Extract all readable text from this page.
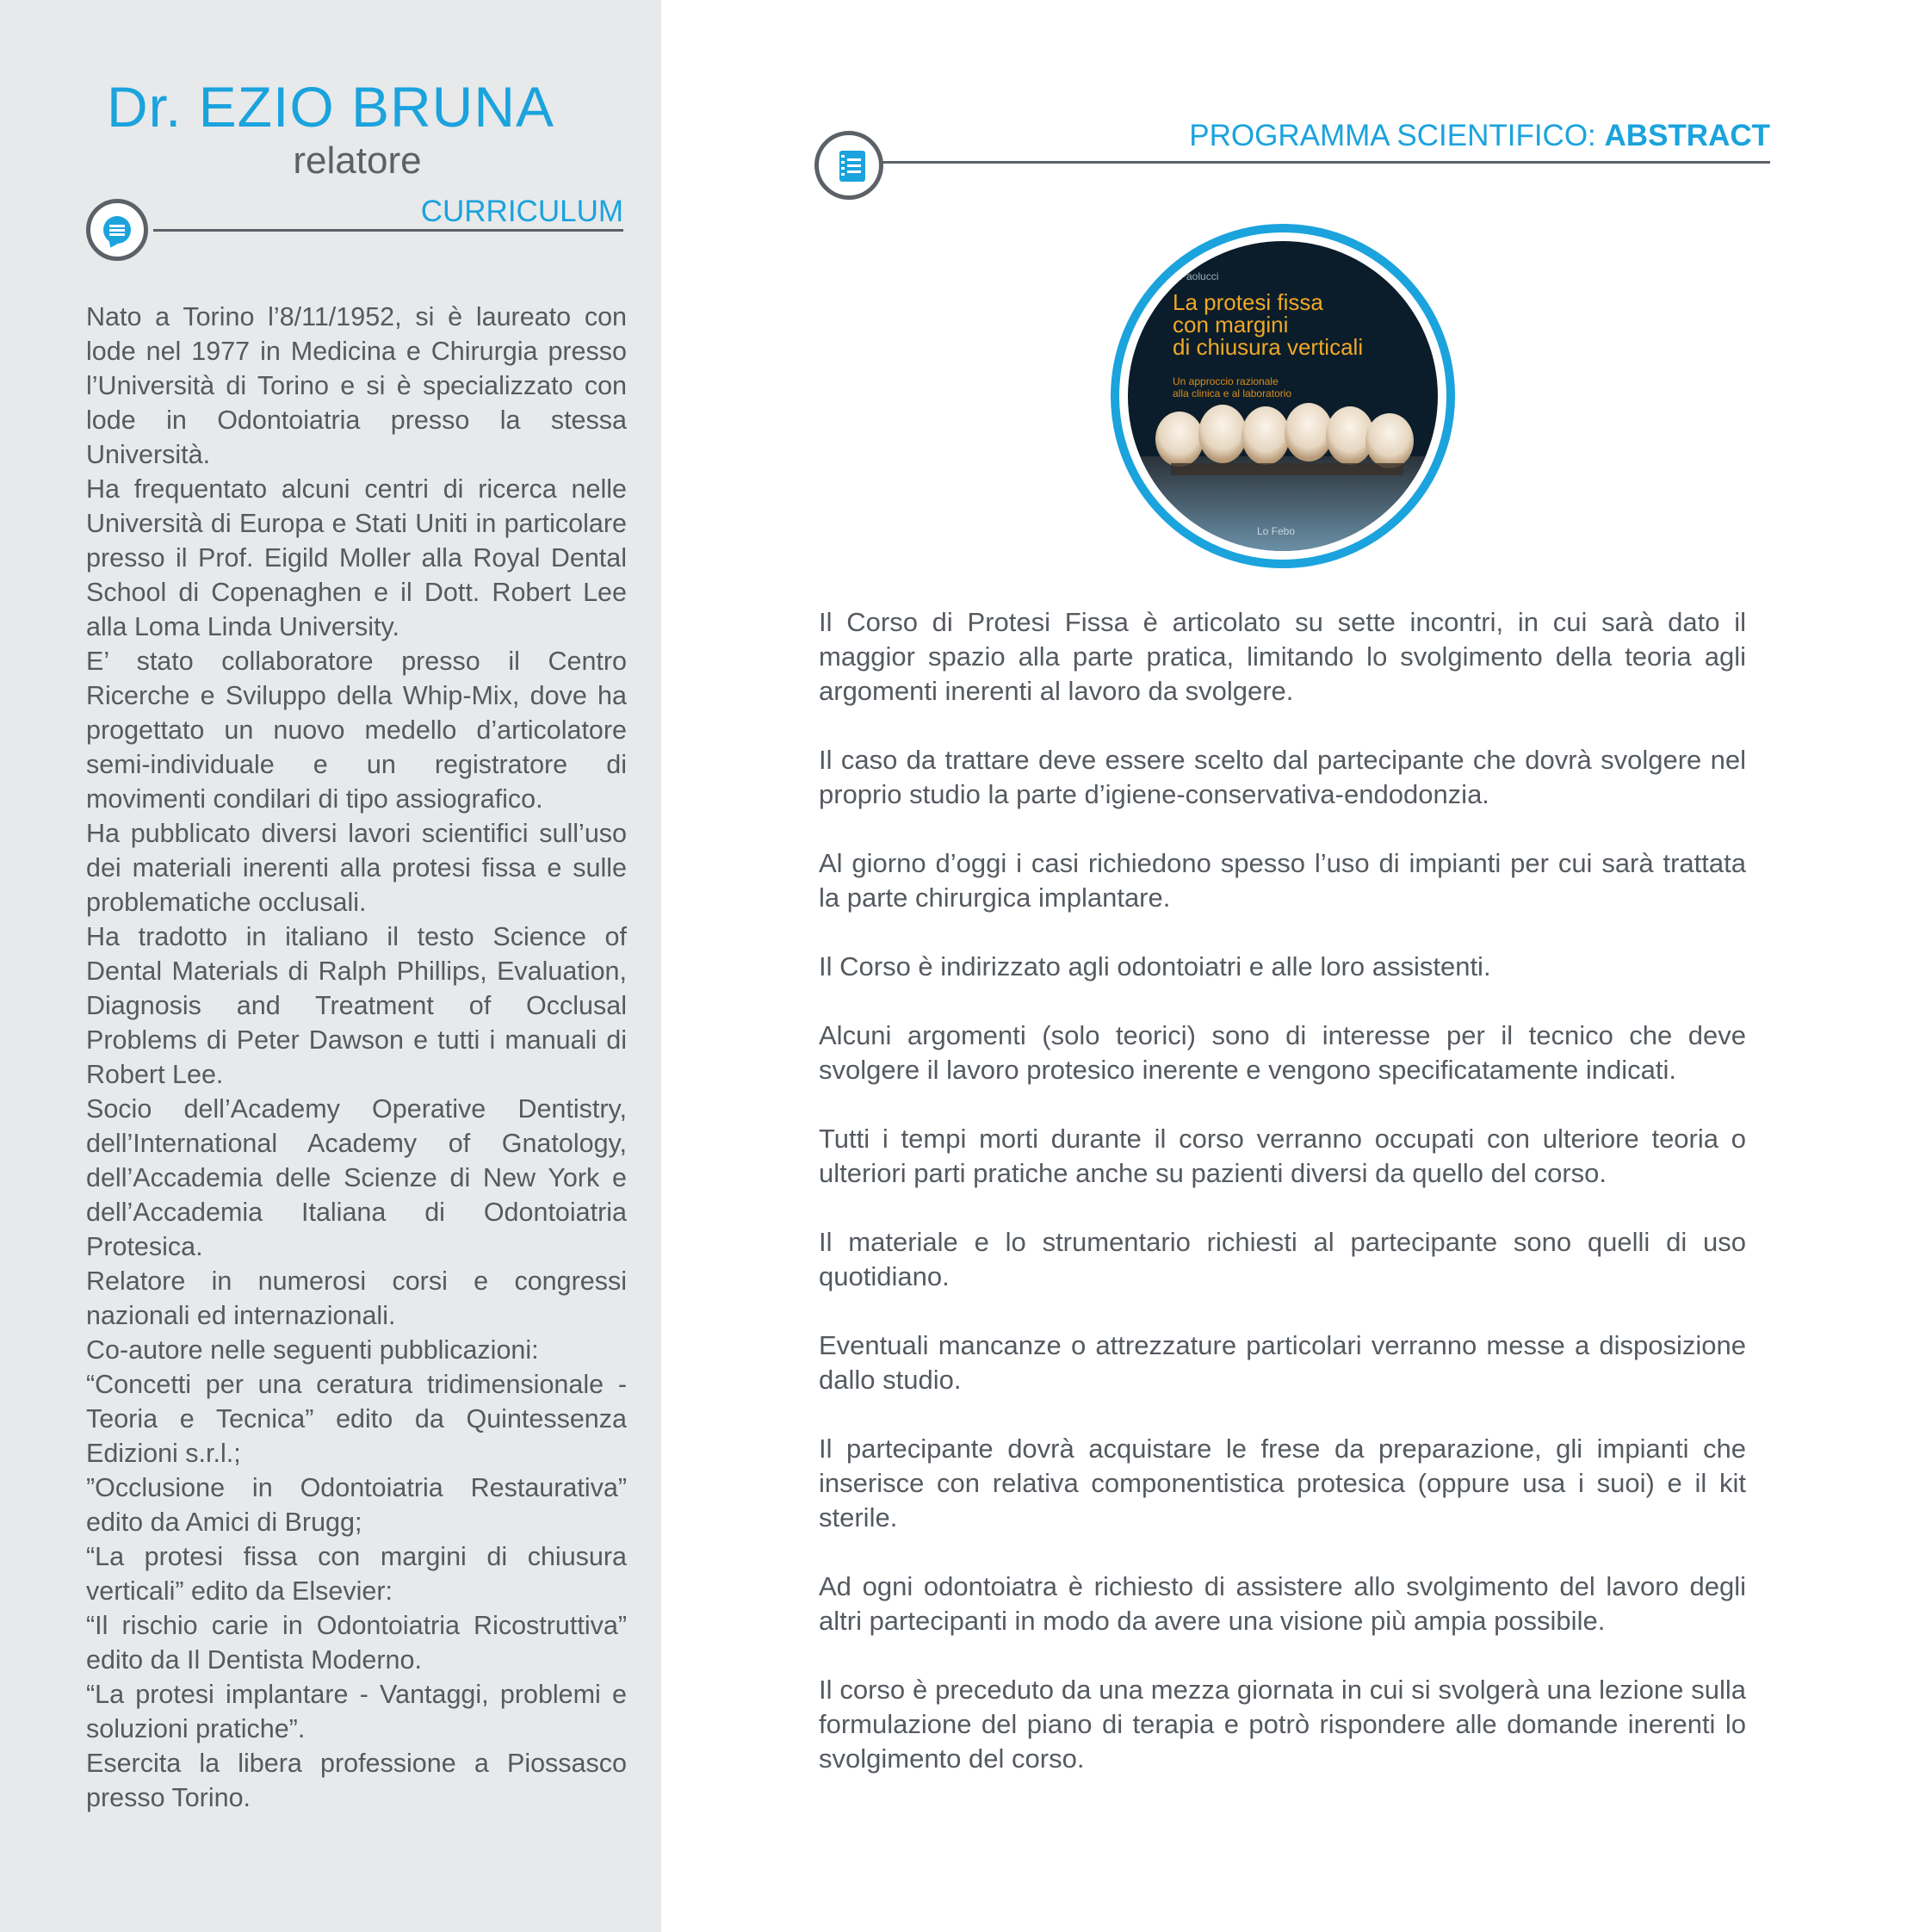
Dr. EZIO BRUNA
relatore
CURRICULUM
Nato a Torino l’8/11/1952, si è laureato con lode nel 1977 in Medicina e Chirurgia presso l’Università di Torino e si è specializzato con lode in Odontoiatria presso la stessa Università.
Ha frequentato alcuni centri di ricerca nelle Università di Europa e Stati Uniti in particolare presso il Prof. Eigild Moller alla Royal Dental School di Copenaghen e il Dott. Robert Lee alla Loma Linda University.
E’ stato collaboratore presso il Centro Ricerche e Sviluppo della Whip-Mix, dove ha progettato un nuovo medello d’articolatore semi-individuale e un registratore di movimenti condilari di tipo assiografico.
Ha pubblicato diversi lavori scientifici sull’uso dei materiali inerenti alla protesi fissa e sulle problematiche occlusali.
Ha tradotto in italiano il testo Science of Dental Materials di Ralph Phillips, Evaluation, Diagnosis and Treatment of Occlusal Problems di Peter Dawson e tutti i manuali di Robert Lee.
Socio dell’Academy Operative Dentistry, dell’International Academy of Gnatology, dell’Accademia delle Scienze di New York e dell’Accademia Italiana di Odontoiatria Protesica.
Relatore in numerosi corsi e congressi nazionali ed internazionali.
Co-autore nelle seguenti pubblicazioni:
“Concetti per una ceratura tridimensionale - Teoria e Tecnica” edito da Quintessenza Edizioni s.r.l.;
”Occlusione in Odontoiatria Restaurativa” edito da Amici di Brugg;
“La protesi fissa con margini di chiusura verticali” edito da Elsevier:
“Il rischio carie in Odontoiatria Ricostruttiva” edito da Il Dentista Moderno.
“La protesi implantare - Vantaggi, problemi e soluzioni pratiche”.
Esercita la libera professione a Piossasco presso Torino.
PROGRAMMA SCIENTIFICO: ABSTRACT
...
Paolucci
La protesi fissa
con margini
di chiusura verticali
Un approccio razionale
alla clinica e al laboratorio
Lo Febo
Il Corso di Protesi Fissa è articolato su sette incontri, in cui sarà dato il maggior spazio alla parte pratica, limitando lo svolgimento della teoria agli argomenti inerenti al lavoro da svolgere.
Il caso da trattare deve essere scelto dal partecipante che dovrà svolgere nel proprio studio la parte d’igiene-conservativa-endodonzia.
Al giorno d’oggi i casi richiedono spesso l’uso di impianti per cui sarà trattata la parte chirurgica implantare.
Il Corso è indirizzato agli odontoiatri e alle loro assistenti.
Alcuni argomenti (solo teorici) sono di interesse per il tecnico che deve svolgere il lavoro protesico inerente e vengono specificatamente indicati.
Tutti i tempi morti durante il corso verranno occupati con ulteriore teoria o ulteriori parti pratiche anche su pazienti diversi da quello del corso.
Il materiale e lo strumentario richiesti al partecipante sono quelli di uso quotidiano.
Eventuali mancanze o attrezzature particolari verranno messe a disposizione dallo studio.
Il partecipante dovrà acquistare le frese da preparazione, gli impianti che inserisce con relativa componentistica protesica (oppure usa i suoi) e il kit sterile.
Ad ogni odontoiatra è richiesto di assistere allo svolgimento del lavoro degli altri partecipanti in modo da avere una visione più ampia possibile.
Il corso è preceduto da una mezza giornata in cui si svolgerà una lezione sulla formulazione del piano di terapia e potrò rispondere alle domande inerenti lo svolgimento del corso.
